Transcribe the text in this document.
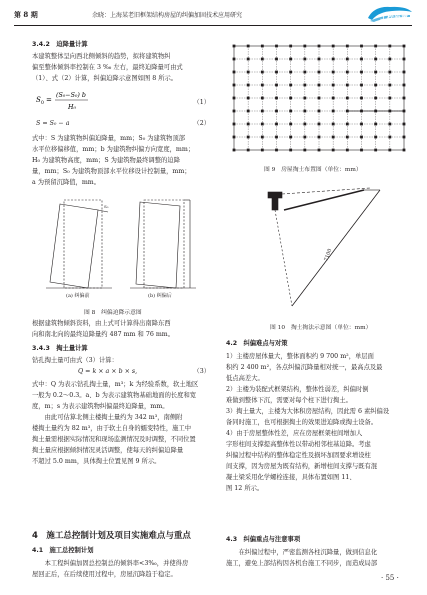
第 8 期	余晓：上海某老旧框架结构房屋的纠偏加固技术应用研究	工程质量
3.4.2　迫降量计算
本建筑整体呈向西北侧倾斜的趋势，拟将建筑物纠
偏至整体倾斜率控制在 3 ‰ 左右，最终迫降量可由式
（1）、式（2）计算，纠偏迫降示意图如图 8 所示。
S 0 =
(S₀−S₀) b
H₀
（1）
S = S₀ − a	（2）
式中：S 为建筑物纠偏迫降量，mm；S₀ 为建筑物顶部
水平位移偏移值，mm；b 为建筑物纠偏方向宽度，mm；
H₀ 为建筑物高度，mm；S 为建筑物最终调整的迫降
量，mm；S₀ 为建筑物顶部水平位移设计控制量，mm；
a 为预留沉降值，mm。
S₀
(a) 纠偏前	(b) 纠偏后
图 8　纠偏迫降示意图
根据建筑物倾斜资料，由上式可计算得出南降东西
向和南北向的最终迫降量约 487 mm 和 76 mm。
3.4.3　掏土量计算
钻孔掏土量可由式（3）计算：
Q = k × a × b × s,	（3）
式中：Q 为表示钻孔掏土量，m³；k 为经验系数，软土地区
一般为 0.2～0.3。a、b 为表示建筑物基础地面的长度和宽
度，m；s 为表示建筑物纠偏最终迫降量，mm。
　　由此可估算北侧主楼掏土量约为 342 m³，南侧附
楼掏土量约为 82 m³，由于软土自身的蠕变特性，施工中
掏土量需根据实际情况和现场监测情况及时调整，不同位置
掏土量应根据倾斜情况灵活调整，使每天的纠偏迫降量
不超过 5.0 mm，具体掏土位置见图 9 所示。
4　施工总控制计划及项目实施难点与重点
4.1　施工总控制计划
　　本工程纠偏加固总控制总的倾斜率<3‰，并使得房
屋回正后，在后续使用过程中，房屋沉降趋于稳定。
图 9　房屋掏土布置图（单位：mm）
7100
图 10　掏土掏法示意图（单位：mm）
4.2　纠偏难点与对策
1）主楼房屋体量大，整体面积约 9 700 m²，单层面
积约 2 400 m²，各点纠偏沉降量相对统一，最高点及最
低点高差大。
2）主楼为装配式框架结构，整体性弱差，纠偏时倒
难做到整体下沉，需要对每个柱下进行掏土。
3）掏土量大，主楼为大体积房屋结构，因此需 6 素纠偏设
备同时施工，也可根据掏土的效果进迫降或掏土设备。
4）由于房屋整体性差，应在房屋框架柱间增加人
字形柱间支撑提高整体性以带动相邻柱基迫降。考虑
纠偏过程中结构的整体稳定性及损坏加固要求增设柱
间支撑，因为房屋为既有结构，新增柱间支撑与既有混
凝土梁采用化学螺栓连接，具体布置如图 11、
图 12 所示。
4.3　纠偏重点与注意事项
　　在纠偏过程中，严密监测各柱沉降量，做到信息化
施工，避免上部结构因各机台施工不同步，而造成局部
· 55 ·
